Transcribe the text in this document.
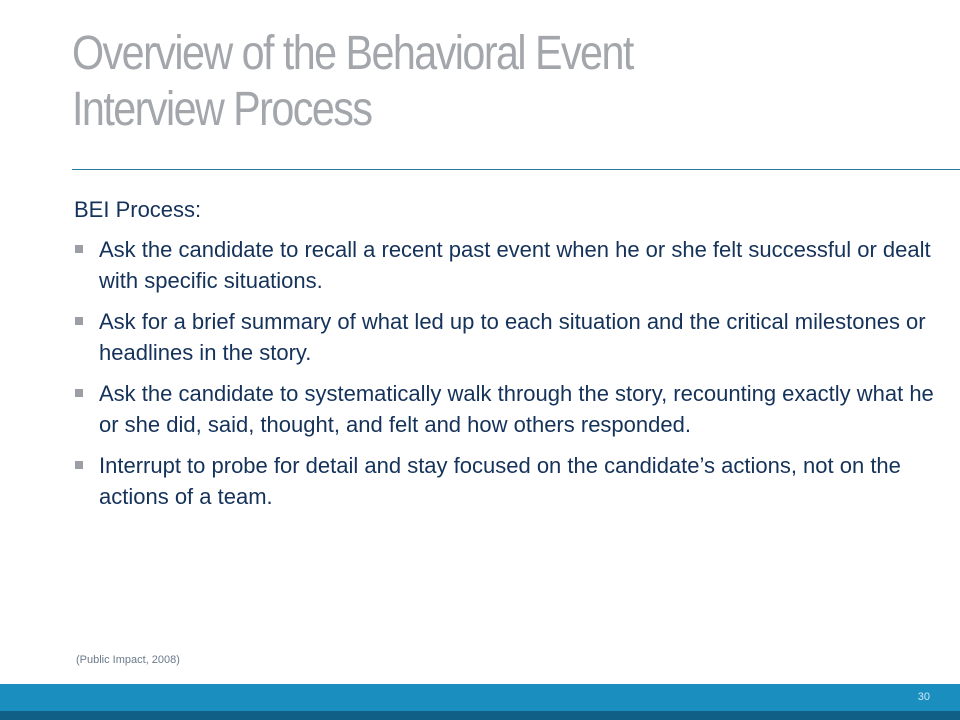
Overview of the Behavioral Event
Interview Process
BEI Process:
Ask the candidate to recall a recent past event when he or she felt successful or dealt with specific situations.
Ask for a brief summary of what led up to each situation and the critical milestones or headlines in the story.
Ask the candidate to systematically walk through the story, recounting exactly what he or she did, said, thought, and felt and how others responded.
Interrupt to probe for detail and stay focused on the candidate’s actions, not on the actions of a team.
(Public Impact, 2008)
30
